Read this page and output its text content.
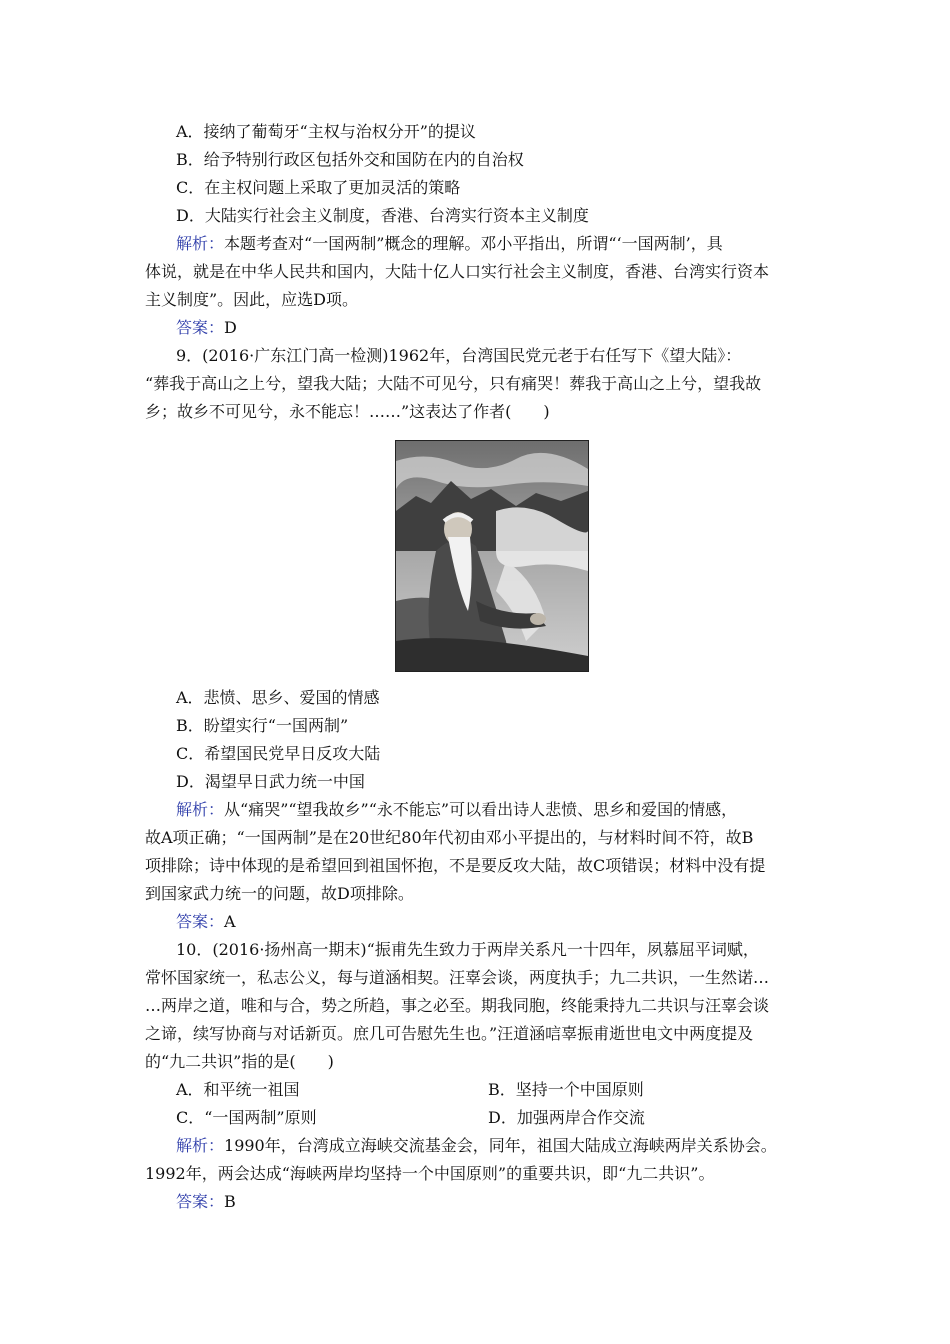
A．接纳了葡萄牙“主权与治权分开”的提议
B．给予特别行政区包括外交和国防在内的自治权
C．在主权问题上采取了更加灵活的策略
D．大陆实行社会主义制度，香港、台湾实行资本主义制度
解析：本题考查对“一国两制”概念的理解。邓小平指出，所谓“‘一国两制’，具
体说，就是在中华人民共和国内，大陆十亿人口实行社会主义制度，香港、台湾实行资本
主义制度”。因此，应选D项。
答案：D
9．(2016·广东江门高一检测)1962年，台湾国民党元老于右任写下《望大陆》：
“葬我于高山之上兮，望我大陆；大陆不可见兮，只有痛哭！葬我于高山之上兮，望我故
乡；故乡不可见兮，永不能忘！……”这表达了作者(　　)
A．悲愤、思乡、爱国的情感
B．盼望实行“一国两制”
C．希望国民党早日反攻大陆
D．渴望早日武力统一中国
解析：从“痛哭”“望我故乡”“永不能忘”可以看出诗人悲愤、思乡和爱国的情感，
故A项正确；“一国两制”是在20世纪80年代初由邓小平提出的，与材料时间不符，故B
项排除；诗中体现的是希望回到祖国怀抱，不是要反攻大陆，故C项错误；材料中没有提
到国家武力统一的问题，故D项排除。
答案：A
10．(2016·扬州高一期末)“振甫先生致力于两岸关系凡一十四年，夙慕屈平词赋，
常怀国家统一，私志公义，每与道涵相契。汪辜会谈，两度执手；九二共识，一生然诺…
…两岸之道，唯和与合，势之所趋，事之必至。期我同胞，终能秉持九二共识与汪辜会谈
之谛，续写协商与对话新页。庶几可告慰先生也。”汪道涵唁辜振甫逝世电文中两度提及
的“九二共识”指的是(　　)
A．和平统一祖国	B．坚持一个中国原则
C．“一国两制”原则	D．加强两岸合作交流
解析：1990年，台湾成立海峡交流基金会，同年，祖国大陆成立海峡两岸关系协会。
1992年，两会达成“海峡两岸均坚持一个中国原则”的重要共识，即“九二共识”。
答案：B
